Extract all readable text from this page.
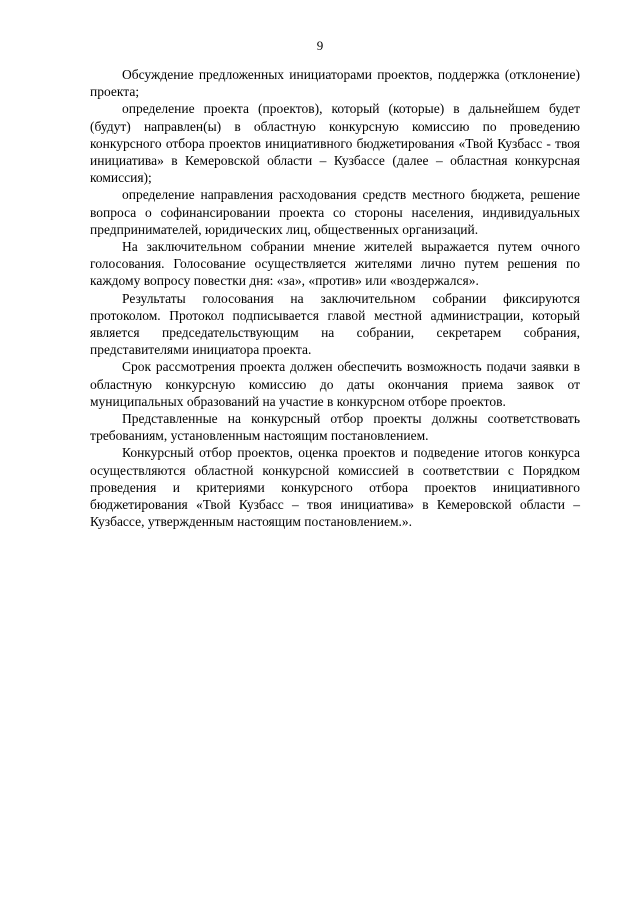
9

Обсуждение предложенных инициаторами проектов, поддержка (отклонение) проекта;

определение проекта (проектов), который (которые) в дальнейшем будет (будут) направлен(ы) в областную конкурсную комиссию по проведению конкурсного отбора проектов инициативного бюджетирования «Твой Кузбасс - твоя инициатива» в Кемеровской области – Кузбассе (далее – областная конкурсная комиссия);

определение направления расходования средств местного бюджета, решение вопроса о софинансировании проекта со стороны населения, индивидуальных предпринимателей, юридических лиц, общественных организаций.

На заключительном собрании мнение жителей выражается путем очного голосования. Голосование осуществляется жителями лично путем решения по каждому вопросу повестки дня: «за», «против» или «воздержался».

Результаты голосования на заключительном собрании фиксируются протоколом. Протокол подписывается главой местной администрации, который является председательствующим на собрании, секретарем собрания, представителями инициатора проекта.

Срок рассмотрения проекта должен обеспечить возможность подачи заявки в областную конкурсную комиссию до даты окончания приема заявок от муниципальных образований на участие в конкурсном отборе проектов.

Представленные на конкурсный отбор проекты должны соответствовать требованиям, установленным настоящим постановлением.

Конкурсный отбор проектов, оценка проектов и подведение итогов конкурса осуществляются областной конкурсной комиссией в соответствии с Порядком проведения и критериями конкурсного отбора проектов инициативного бюджетирования «Твой Кузбасс – твоя инициатива» в Кемеровской области – Кузбассе, утвержденным настоящим постановлением.».
